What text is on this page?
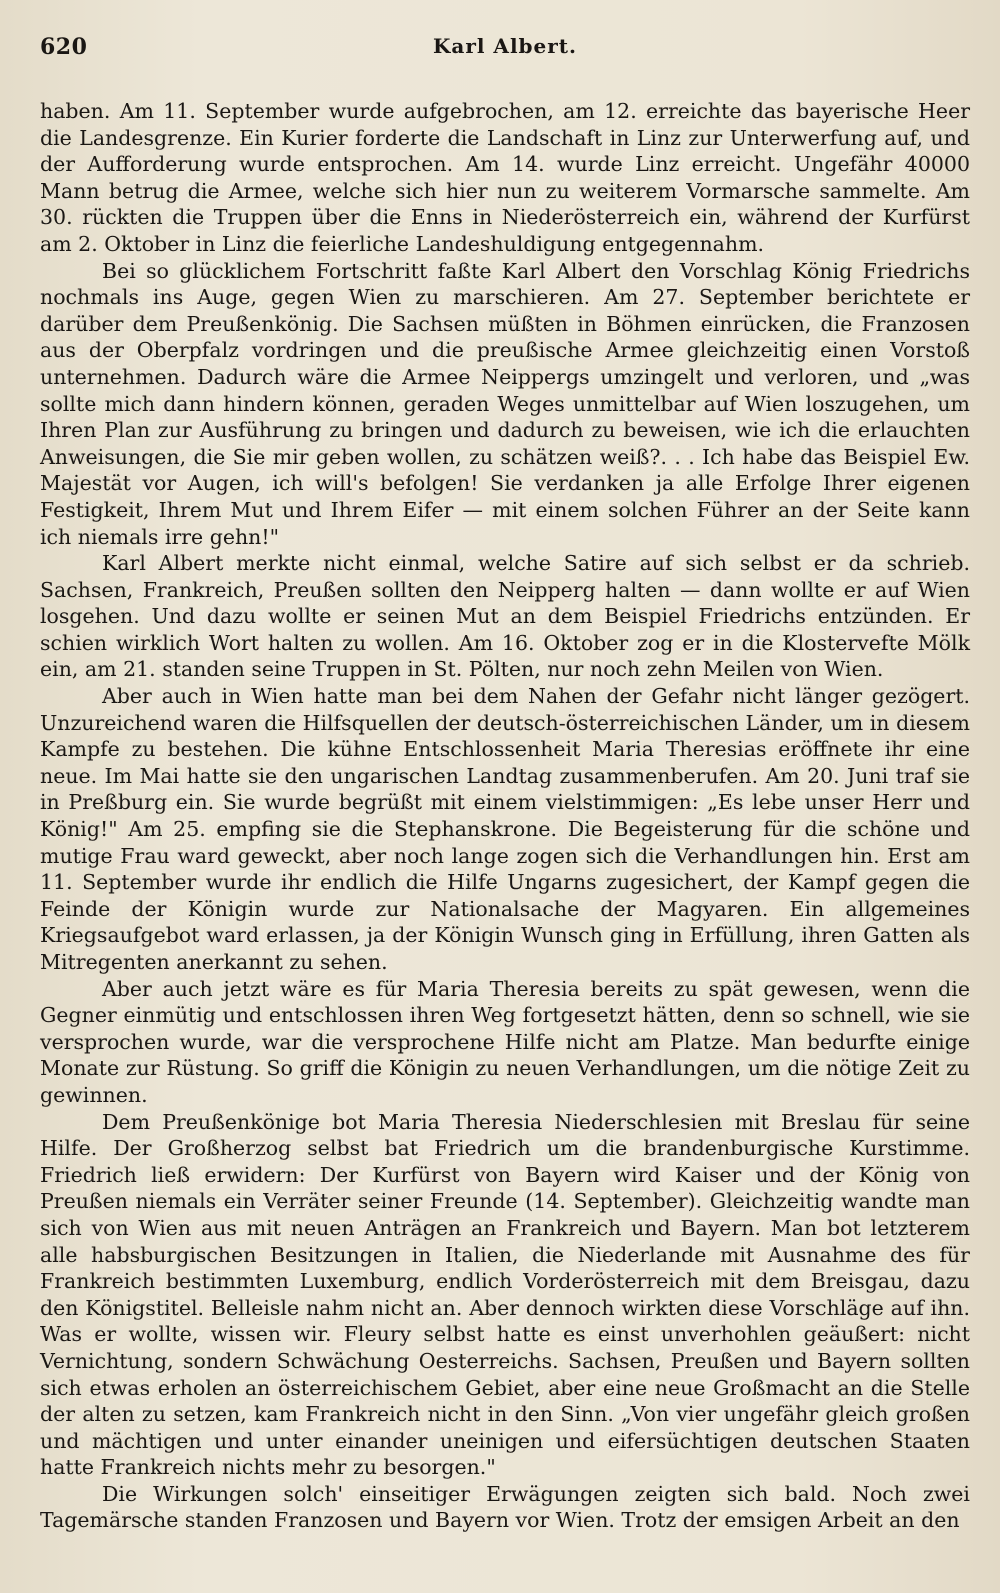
620	Karl Albert.

haben. Am 11. September wurde aufgebrochen, am 12. erreichte das bayerische Heer die Landesgrenze. Ein Kurier forderte die Landschaft in Linz zur Unterwerfung auf, und der Aufforderung wurde entsprochen. Am 14. wurde Linz erreicht. Ungefähr 40000 Mann betrug die Armee, welche sich hier nun zu weiterem Vormarsche sammelte. Am 30. rückten die Truppen über die Enns in Niederösterreich ein, während der Kurfürst am 2. Oktober in Linz die feierliche Landeshuldigung entgegennahm.

Bei so glücklichem Fortschritt faßte Karl Albert den Vorschlag König Friedrichs nochmals ins Auge, gegen Wien zu marschieren. Am 27. September berichtete er darüber dem Preußenkönig. Die Sachsen müßten in Böhmen einrücken, die Franzosen aus der Oberpfalz vordringen und die preußische Armee gleichzeitig einen Vorstoß unternehmen. Dadurch wäre die Armee Neippergs umzingelt und verloren, und „was sollte mich dann hindern können, geraden Weges unmittelbar auf Wien loszugehen, um Ihren Plan zur Ausführung zu bringen und dadurch zu beweisen, wie ich die erlauchten Anweisungen, die Sie mir geben wollen, zu schätzen weiß?. . . Ich habe das Beispiel Ew. Majestät vor Augen, ich will's befolgen! Sie verdanken ja alle Erfolge Ihrer eigenen Festigkeit, Ihrem Mut und Ihrem Eifer — mit einem solchen Führer an der Seite kann ich niemals irre gehn!"

Karl Albert merkte nicht einmal, welche Satire auf sich selbst er da schrieb. Sachsen, Frankreich, Preußen sollten den Neipperg halten — dann wollte er auf Wien losgehen. Und dazu wollte er seinen Mut an dem Beispiel Friedrichs entzünden. Er schien wirklich Wort halten zu wollen. Am 16. Oktober zog er in die Klostervefte Mölk ein, am 21. standen seine Truppen in St. Pölten, nur noch zehn Meilen von Wien.

Aber auch in Wien hatte man bei dem Nahen der Gefahr nicht länger gezögert. Unzureichend waren die Hilfsquellen der deutsch-österreichischen Länder, um in diesem Kampfe zu bestehen. Die kühne Entschlossenheit Maria Theresias eröffnete ihr eine neue. Im Mai hatte sie den ungarischen Landtag zusammenberufen. Am 20. Juni traf sie in Preßburg ein. Sie wurde begrüßt mit einem vielstimmigen: „Es lebe unser Herr und König!" Am 25. empfing sie die Stephanskrone. Die Begeisterung für die schöne und mutige Frau ward geweckt, aber noch lange zogen sich die Verhandlungen hin. Erst am 11. September wurde ihr endlich die Hilfe Ungarns zugesichert, der Kampf gegen die Feinde der Königin wurde zur Nationalsache der Magyaren. Ein allgemeines Kriegsaufgebot ward erlassen, ja der Königin Wunsch ging in Erfüllung, ihren Gatten als Mitregenten anerkannt zu sehen.

Aber auch jetzt wäre es für Maria Theresia bereits zu spät gewesen, wenn die Gegner einmütig und entschlossen ihren Weg fortgesetzt hätten, denn so schnell, wie sie versprochen wurde, war die versprochene Hilfe nicht am Platze. Man bedurfte einige Monate zur Rüstung. So griff die Königin zu neuen Verhandlungen, um die nötige Zeit zu gewinnen.

Dem Preußenkönige bot Maria Theresia Niederschlesien mit Breslau für seine Hilfe. Der Großherzog selbst bat Friedrich um die brandenburgische Kurstimme. Friedrich ließ erwidern: Der Kurfürst von Bayern wird Kaiser und der König von Preußen niemals ein Verräter seiner Freunde (14. September). Gleichzeitig wandte man sich von Wien aus mit neuen Anträgen an Frankreich und Bayern. Man bot letzterem alle habsburgischen Besitzungen in Italien, die Niederlande mit Ausnahme des für Frankreich bestimmten Luxemburg, endlich Vorderösterreich mit dem Breisgau, dazu den Königstitel. Belleisle nahm nicht an. Aber dennoch wirkten diese Vorschläge auf ihn. Was er wollte, wissen wir. Fleury selbst hatte es einst unverhohlen geäußert: nicht Vernichtung, sondern Schwächung Oesterreichs. Sachsen, Preußen und Bayern sollten sich etwas erholen an österreichischem Gebiet, aber eine neue Großmacht an die Stelle der alten zu setzen, kam Frankreich nicht in den Sinn. „Von vier ungefähr gleich großen und mächtigen und unter einander uneinigen und eifersüchtigen deutschen Staaten hatte Frankreich nichts mehr zu besorgen."

Die Wirkungen solch' einseitiger Erwägungen zeigten sich bald. Noch zwei Tagemärsche standen Franzosen und Bayern vor Wien. Trotz der emsigen Arbeit an den
